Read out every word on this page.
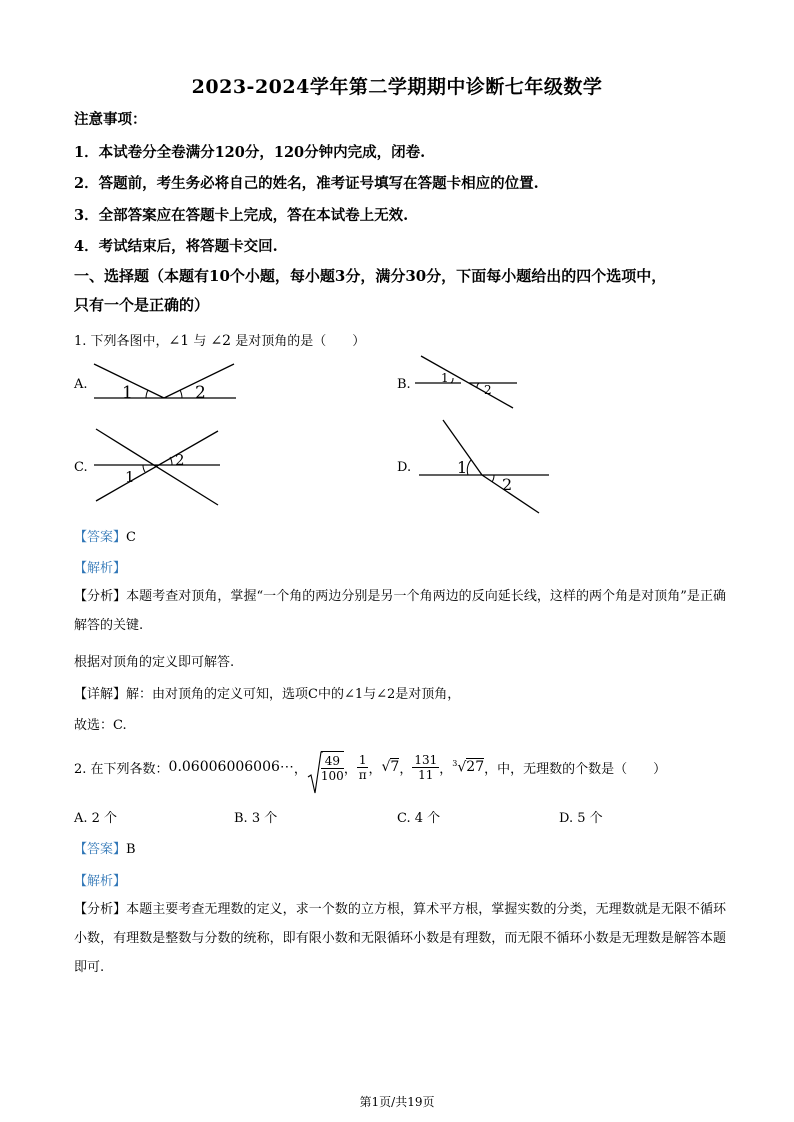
2023-2024学年第二学期期中诊断七年级数学
注意事项：
1．本试卷分全卷满分120分，120分钟内完成，闭卷.
2．答题前，考生务必将自己的姓名，准考证号填写在答题卡相应的位置.
3．全部答案应在答题卡上完成，答在本试卷上无效.
4．考试结束后，将答题卡交回.
一、选择题（本题有10个小题，每小题3分，满分30分，下面每小题给出的四个选项中，
只有一个是正确的）
1. 下列各图中，∠1 与 ∠2 是对顶角的是（　　）
A. 1	2	B.	1
2
C.	2
1
D.	1
2
【答案】C
【解析】
【分析】本题考查对顶角，掌握“一个角的两边分别是另一个角两边的反向延长线，这样的两个角是对顶角”是正确解答的关键.
根据对顶角的定义即可解答.
【详解】解：由对顶角的定义可知，选项C中的∠1与∠2是对顶角，
故选：C.
2. 在下列各数： 0.06006006006⋯ ， $\frac{49}{100}$ ， $\frac{1}{\pi}$ ， √7 ， $\frac{131}{11}$ ， $^3$√27 ，中，无理数的个数是（　　）
A. 2 个	B. 3 个	C. 4 个	D. 5 个
【答案】B
【解析】
【分析】本题主要考查无理数的定义，求一个数的立方根，算术平方根，掌握实数的分类，无理数就是无限不循环小数，有理数是整数与分数的统称，即有限小数和无限循环小数是有理数，而无限不循环小数是无理数是解答本题即可.
第1页/共19页
